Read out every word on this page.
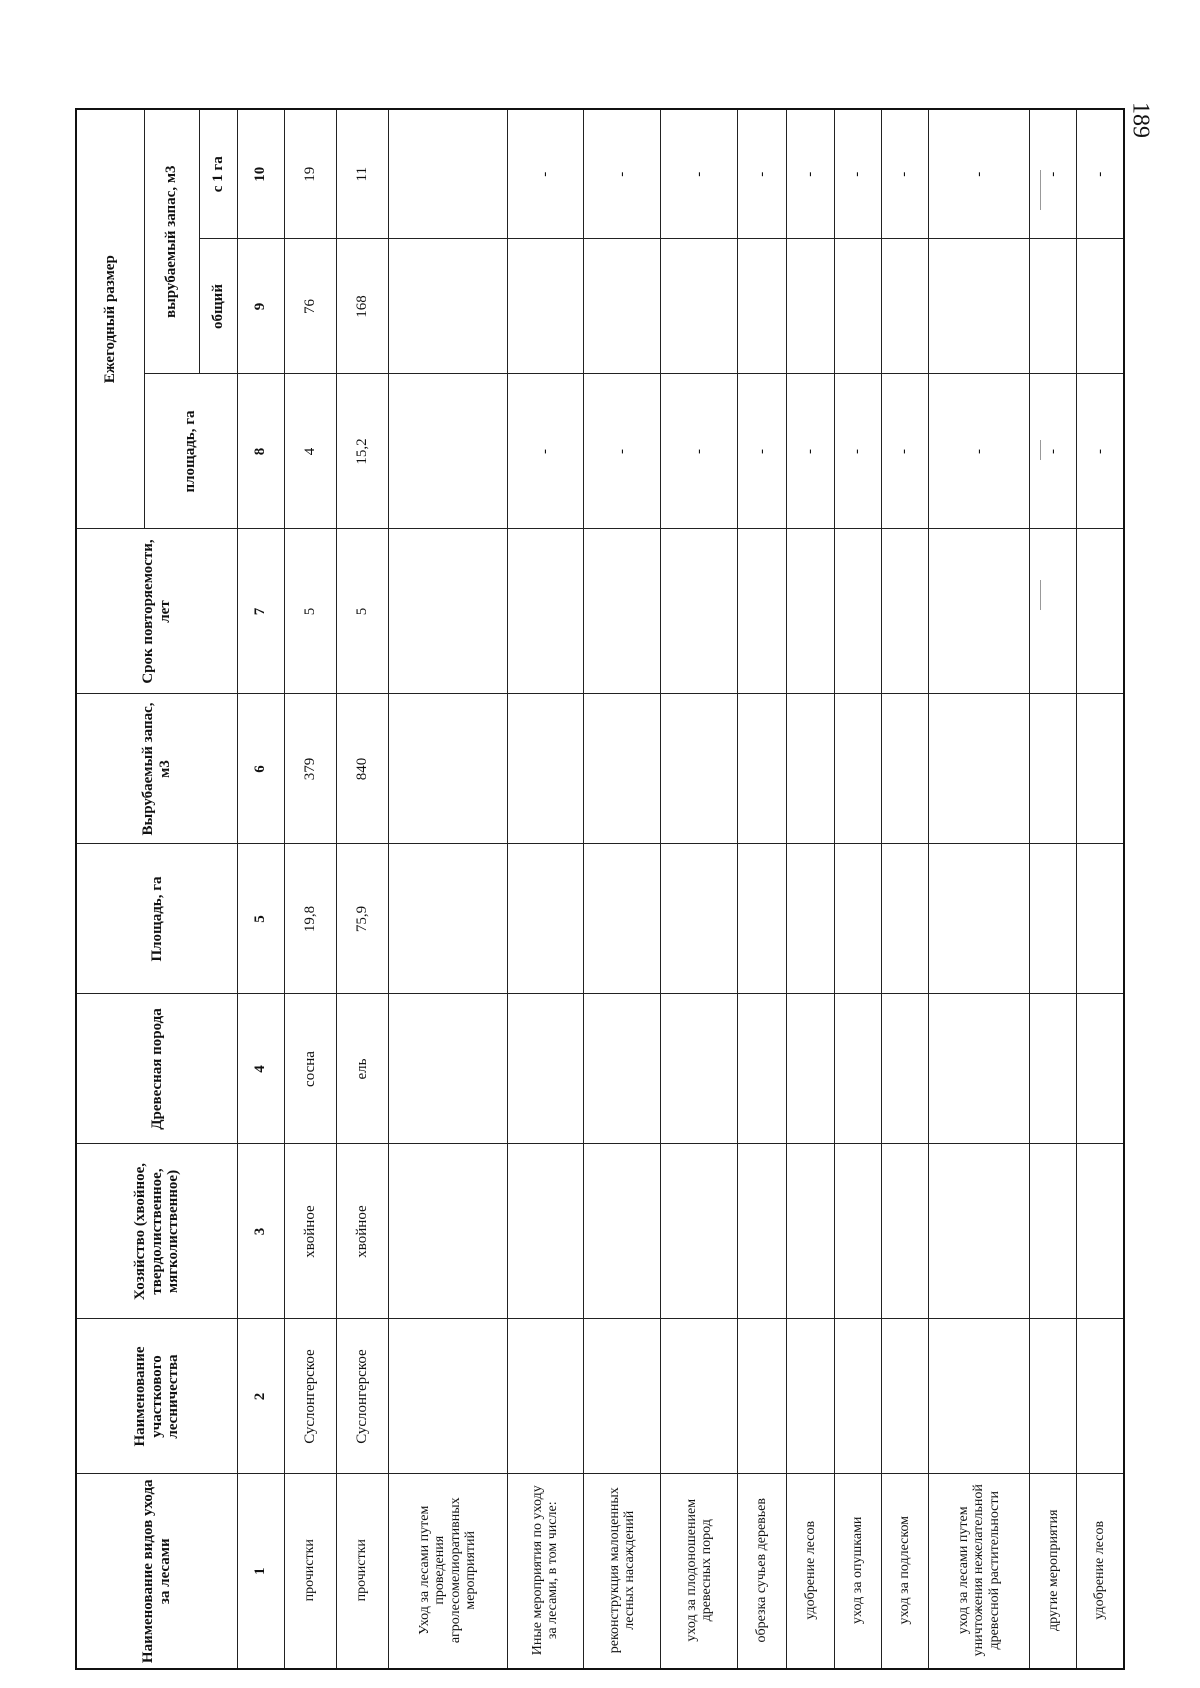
189
Наименование видов ухода за лесами	Наименование участкового лесничества	Хозяйство (хвойное, твердолиственное, мягколиственное)	Древесная порода	Площадь, га	Вырубаемый запас, м3	Срок повторяемости, лет	Ежегодный размер		
							площадь, га	вырубаемый запас, м3	
								общий	с 1 га
1	2	3	4	5	6	7	8	9	10
прочистки	Суслонгерское	хвойное	сосна	19,8	379	5	4	76	19
прочистки	Суслонгерское	хвойное	ель	75,9	840	5	15,2	168	11
Уход за лесами путем проведения агролесомелиоративных мероприятий									
Иные мероприятия по уходу за лесами, в том числе:							-		-
реконструкция малоценных лесных насаждений							-		-
уход за плодоношением древесных пород							-		-
обрезка сучьев деревьев							-		-
удобрение лесов							-		-
уход за опушками							-		-
уход за подлеском							-		-
уход за лесами путем уничтожения нежелательной древесной растительности							-		-
другие мероприятия							-		-
удобрение лесов							-		-
